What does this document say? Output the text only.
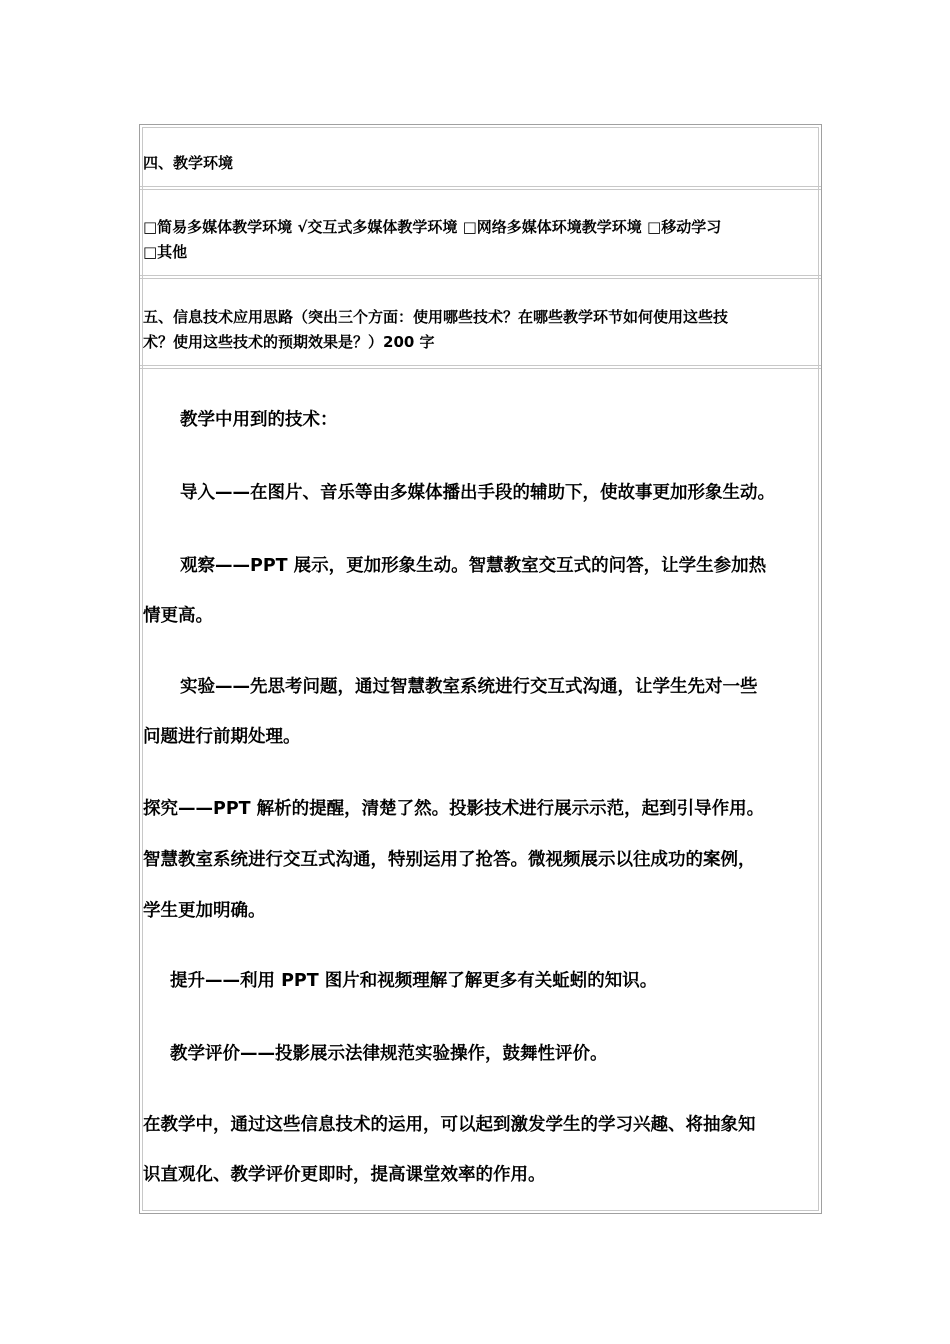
四、教学环境
□简易多媒体教学环境 √交互式多媒体教学环境 □网络多媒体环境教学环境 □移动学习
□其他
五、信息技术应用思路（突出三个方面：使用哪些技术？在哪些教学环节如何使用这些技
术？使用这些技术的预期效果是？）200 字
教学中用到的技术：
导入——在图片、音乐等由多媒体播出手段的辅助下，使故事更加形象生动。
观察——PPT 展示，更加形象生动。智慧教室交互式的问答，让学生参加热
情更高。
实验——先思考问题，通过智慧教室系统进行交互式沟通，让学生先对一些
问题进行前期处理。
探究——PPT 解析的提醒，清楚了然。投影技术进行展示示范，起到引导作用。
智慧教室系统进行交互式沟通，特别运用了抢答。微视频展示以往成功的案例，
学生更加明确。
提升——利用 PPT 图片和视频理解了解更多有关蚯蚓的知识。
教学评价——投影展示法律规范实验操作，鼓舞性评价。
在教学中，通过这些信息技术的运用，可以起到激发学生的学习兴趣、将抽象知
识直观化、教学评价更即时，提高课堂效率的作用。
